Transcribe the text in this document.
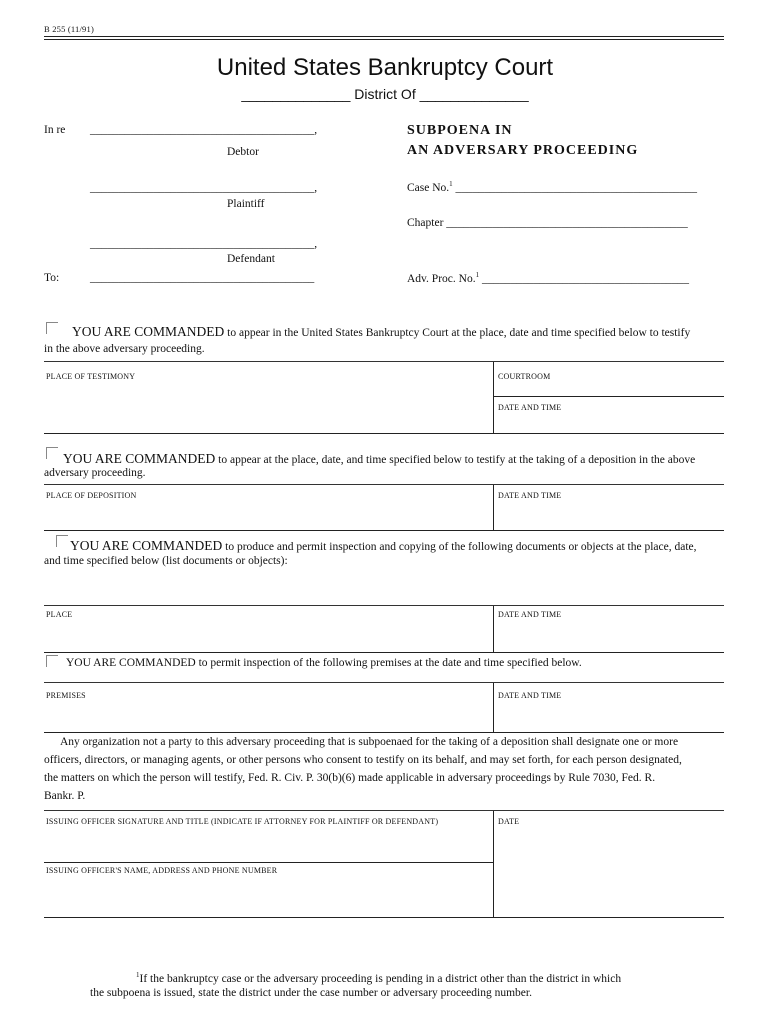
B 255 (11/91)
United States Bankruptcy Court
______________ District Of ______________
In re _______________________________________,
Debtor
_______________________________________,
Plaintiff
_______________________________________,
Defendant
To:	_______________________________________
SUBPOENA IN
AN ADVERSARY PROCEEDING
Case No.$^1$ __________________________________________
Chapter __________________________________________
Adv. Proc. No.$^1$ ____________________________________
YOU ARE COMMANDED to appear in the United States Bankruptcy Court at the place, date and time specified below to testify
in the above adversary proceeding.
PLACE OF TESTIMONY	COURTROOM
DATE AND TIME
YOU ARE COMMANDED to appear at the place, date, and time specified below to testify at the taking of a deposition in the above
adversary proceeding.
PLACE OF DEPOSITION	DATE AND TIME
YOU ARE COMMANDED to produce and permit inspection and copying of the following documents or objects at the place, date,
and time specified below (list documents or objects):
PLACE	DATE AND TIME
YOU ARE COMMANDED to permit inspection of the following premises at the date and time specified below.
PREMISES	DATE AND TIME
Any organization not a party to this adversary proceeding that is subpoenaed for the taking of a deposition shall designate one or more
officers, directors, or managing agents, or other persons who consent to testify on its behalf, and may set forth, for each person designated,
the matters on which the person will testify, Fed. R. Civ. P. 30(b)(6) made applicable in adversary proceedings by Rule 7030, Fed. R.
Bankr. P.
ISSUING OFFICER SIGNATURE AND TITLE (INDICATE IF ATTORNEY FOR PLAINTIFF OR DEFENDANT)	DATE
ISSUING OFFICER'S NAME, ADDRESS AND PHONE NUMBER
$^1$If the bankruptcy case or the adversary proceeding is pending in a district other than the district in which
the subpoena is issued, state the district under the case number or adversary proceeding number.
